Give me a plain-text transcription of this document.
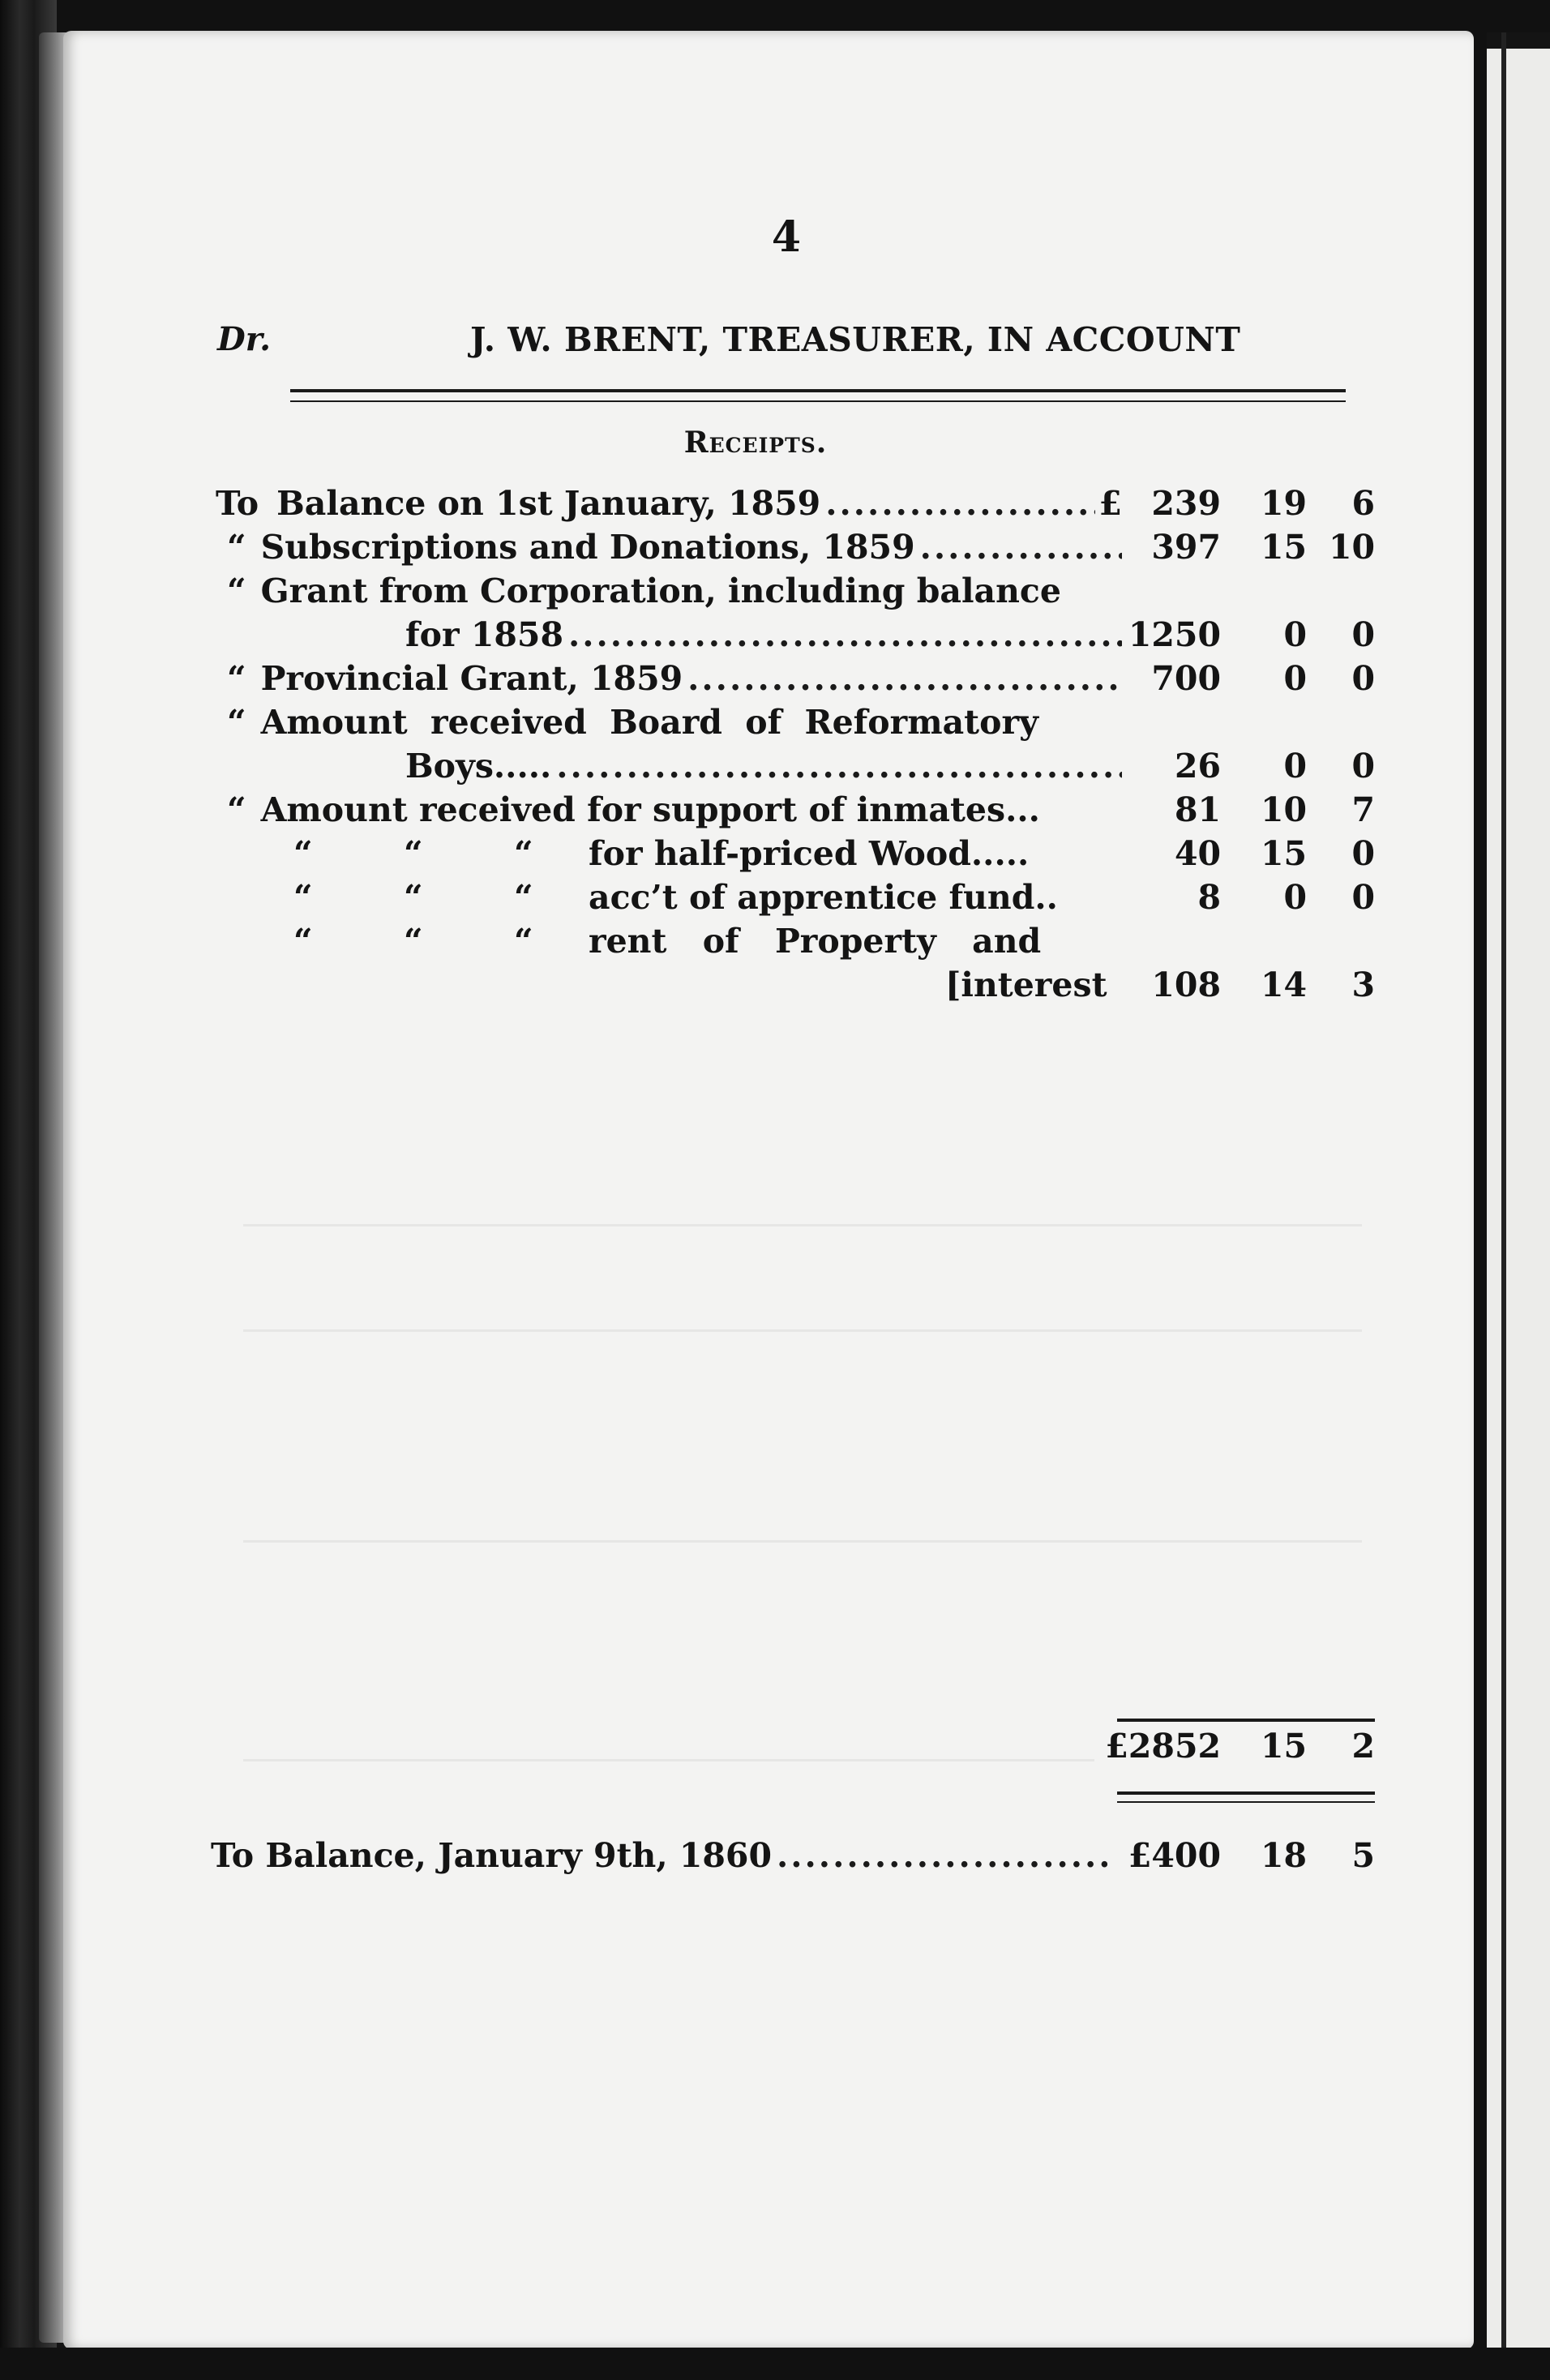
4
Dr.	J. W. BRENT, TREASURER, IN ACCOUNT
Receipts.
To Balance on 1st January, 1859 .....	£ 239	19	6
“ Subscriptions and Donations, 1859 .....	397	15 10
“ Grant from Corporation, including balance
for 1858 .....	1250	0	0
“ Provincial Grant, 1859 .....	700	0	0
“ Amount received Board of Reformatory
Boys..... .....	26	0	0
“ Amount received for support of inmates...	81	10	7
“	“	“ for half-priced Wood.....	40	15	0
“	“	“ acc’t of apprentice fund..	8	0	0
“	“	“ rent of Property and
[interest	108	14	3
£2852	15	2
To Balance, January 9th, 1860 .....	£400	18	5
